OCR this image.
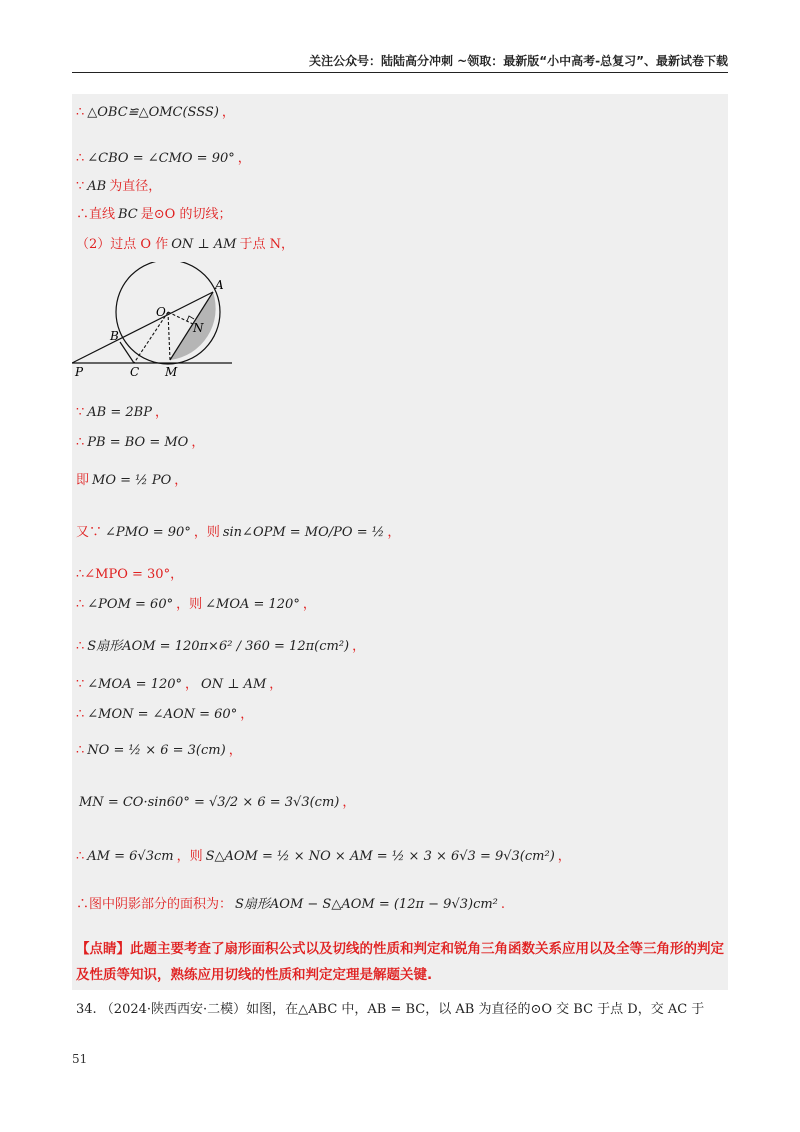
关注公众号：陆陆高分冲刺 ~领取：最新版“小中高考-总复习”、最新试卷下载
∴ △OBC≌△OMC(SSS) ，
∴ ∠CBO = ∠CMO = 90° ，
∵ AB 为直径，
∴直线 BC 是⊙O 的切线；
（2）过点 O 作 ON ⊥ AM 于点 N，
O
A
B
N
P	C M
∵ AB = 2BP ，
∴ PB = BO = MO ，
即 MO = ½ PO ，
又∵ ∠PMO = 90° ，则 sin∠OPM = MO/PO = ½ ，
∴∠MPO = 30°，
∴ ∠POM = 60° ，则 ∠MOA = 120° ，
∴ S扇形AOM = 120π×6² / 360 = 12π(cm²) ，
∵ ∠MOA = 120° ， ON ⊥ AM ，
∴ ∠MON = ∠AON = 60° ，
∴ NO = ½ × 6 = 3(cm) ，
MN = CO·sin60° = √3/2 × 6 = 3√3(cm) ，
∴ AM = 6√3cm ，则 S△AOM = ½ × NO × AM = ½ × 3 × 6√3 = 9√3(cm²) ，
∴图中阴影部分的面积为： S扇形AOM − S△AOM = (12π − 9√3)cm² .
【点睛】此题主要考查了扇形面积公式以及切线的性质和判定和锐角三角函数关系应用以及全等三角形的判定及性质等知识，熟练应用切线的性质和判定定理是解题关键.
34. （2024·陕西西安·二模）如图，在△ABC 中，AB = BC，以 AB 为直径的⊙O 交 BC 于点 D，交 AC 于
51
